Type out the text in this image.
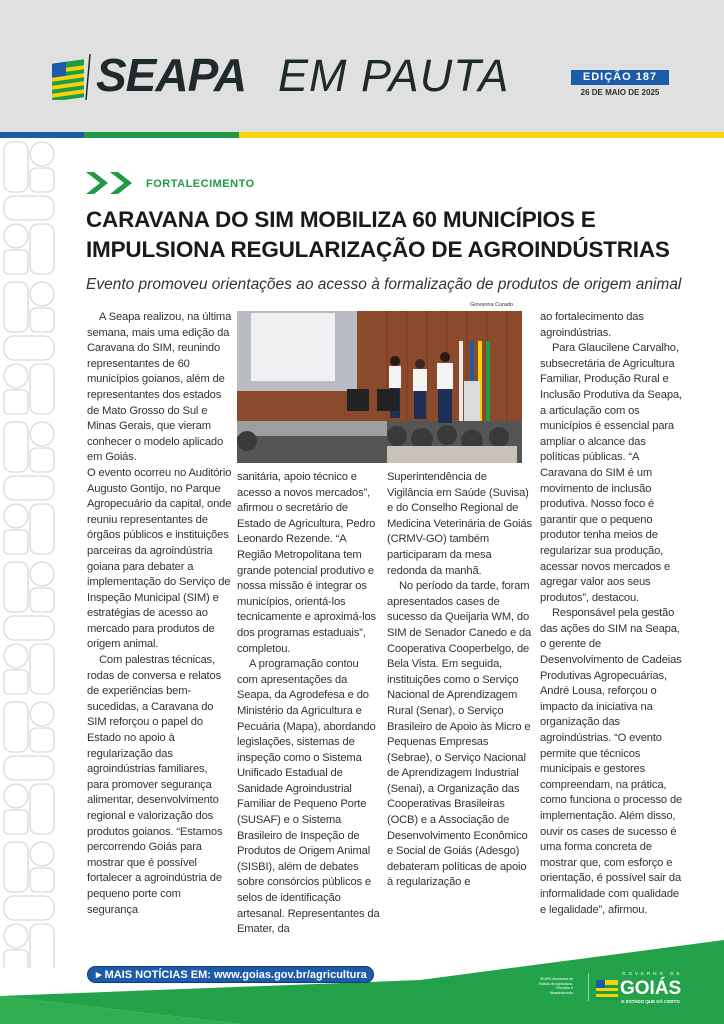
SEAPA EM PAUTA	EDIÇÃO 187
26 DE MAIO DE 2025
FORTALECIMENTO
CARAVANA DO SIM MOBILIZA 60 MUNICÍPIOS E IMPULSIONA REGULARIZAÇÃO DE AGROINDÚSTRIAS
Evento promoveu orientações ao acesso à formalização de produtos de origem animal
Giovanna Curado

A Seapa realizou, na última semana, mais uma edição da Caravana do SIM, reunindo representantes de 60 municípios goianos, além de representantes dos estados de Mato Grosso do Sul e Minas Gerais, que vieram conhecer o modelo aplicado em Goiás.

O evento ocorreu no Auditório Augusto Gontijo, no Parque Agropecuário da capital, onde reuniu representantes de órgãos públicos e instituições parceiras da agroindústria goiana para debater a implementação do Serviço de Inspeção Municipal (SIM) e estratégias de acesso ao mercado para produtos de origem animal.

Com palestras técnicas, rodas de conversa e relatos de experiências bem-sucedidas, a Caravana do SIM reforçou o papel do Estado no apoio à regularização das agroindústrias familiares, para promover segurança alimentar, desenvolvimento regional e valorização dos produtos goianos. “Estamos percorrendo Goiás para mostrar que é possível fortalecer a agroindústria de pequeno porte com segurança

sanitária, apoio técnico e acesso a novos mercados”, afirmou o secretário de Estado de Agricultura, Pedro Leonardo Rezende. “A Região Metropolitana tem grande potencial produtivo e nossa missão é integrar os municípios, orientá-los tecnicamente e aproximá-los dos programas estaduais”, completou.

A programação contou com apresentações da Seapa, da Agrodefesa e do Ministério da Agricultura e Pecuária (Mapa), abordando legislações, sistemas de inspeção como o Sistema Unificado Estadual de Sanidade Agroindustrial Familiar de Pequeno Porte (SUSAF) e o Sistema Brasileiro de Inspeção de Produtos de Origem Animal (SISBI), além de debates sobre consórcios públicos e selos de identificação artesanal. Representantes da Emater, da

Superintendência de Vigilância em Saúde (Suvisa) e do Conselho Regional de Medicina Veterinária de Goiás (CRMV-GO) também participaram da mesa redonda da manhã.

No período da tarde, foram apresentados cases de sucesso da Queijaria WM, do SIM de Senador Canedo e da Cooperativa Cooperbelgo, de Bela Vista. Em seguida, instituições como o Serviço Nacional de Aprendizagem Rural (Senar), o Serviço Brasileiro de Apoio às Micro e Pequenas Empresas (Sebrae), o Serviço Nacional de Aprendizagem Industrial (Senai), a Organização das Cooperativas Brasileiras (OCB) e a Associação de Desenvolvimento Econômico e Social de Goiás (Adesgo) debateram políticas de apoio à regularização e

ao fortalecimento das agroindústrias.

Para Glaucilene Carvalho, subsecretária de Agricultura Familiar, Produção Rural e Inclusão Produtiva da Seapa, a articulação com os municípios é essencial para ampliar o alcance das políticas públicas. “A Caravana do SIM é um movimento de inclusão produtiva. Nosso foco é garantir que o pequeno produtor tenha meios de regularizar sua produção, acessar novos mercados e agregar valor aos seus produtos”, destacou.

Responsável pela gestão das ações do SIM na Seapa, o gerente de Desenvolvimento de Cadeias Produtivas Agropecuárias, André Lousa, reforçou o impacto da iniciativa na organização das agroindústrias. “O evento permite que técnicos municipais e gestores compreendam, na prática, como funciona o processo de implementação. Além disso, ouvir os cases de sucesso é uma forma concreta de mostrar que, com esforço e orientação, é possível sair da informalidade com qualidade e legalidade”, afirmou.

▸ MAIS NOTÍCIAS EM: www.goias.gov.br/agricultura	SEAPA Secretaria de Estado de Agricultura, Pecuária e Abastecimento
GOVERNO DE
GOIÁS
O ESTADO QUE DÁ CERTO
